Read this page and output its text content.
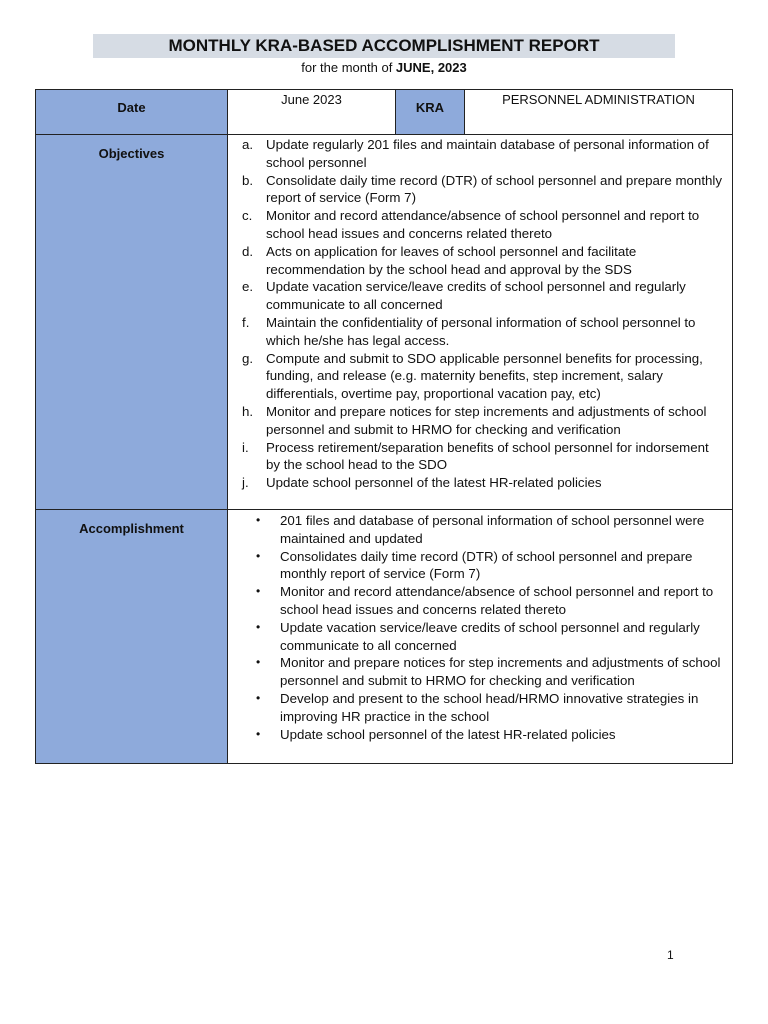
MONTHLY KRA-BASED ACCOMPLISHMENT REPORT
for the month of JUNE, 2023
Date
June 2023
KRA
PERSONNEL ADMINISTRATION
Objectives
a. Update regularly 201 files and maintain database of personal information of school personnel
b. Consolidate daily time record (DTR) of school personnel and prepare monthly report of service (Form 7)
c. Monitor and record attendance/absence of school personnel and report to school head issues and concerns related thereto
d. Acts on application for leaves of school personnel and facilitate recommendation by the school head and approval by the SDS
e. Update vacation service/leave credits of school personnel and regularly communicate to all concerned
f. Maintain the confidentiality of personal information of school personnel to which he/she has legal access.
g. Compute and submit to SDO applicable personnel benefits for processing, funding, and release (e.g. maternity benefits, step increment, salary differentials, overtime pay, proportional vacation pay, etc)
h. Monitor and prepare notices for step increments and adjustments of school personnel and submit to HRMO for checking and verification
i. Process retirement/separation benefits of school personnel for indorsement by the school head to the SDO
j. Update school personnel of the latest HR-related policies
Accomplishment
• 201 files and database of personal information of school personnel were maintained and updated
• Consolidates daily time record (DTR) of school personnel and prepare monthly report of service (Form 7)
• Monitor and record attendance/absence of school personnel and report to school head issues and concerns related thereto
• Update vacation service/leave credits of school personnel and regularly communicate to all concerned
• Monitor and prepare notices for step increments and adjustments of school personnel and submit to HRMO for checking and verification
• Develop and present to the school head/HRMO innovative strategies in improving HR practice in the school
• Update school personnel of the latest HR-related policies
1
